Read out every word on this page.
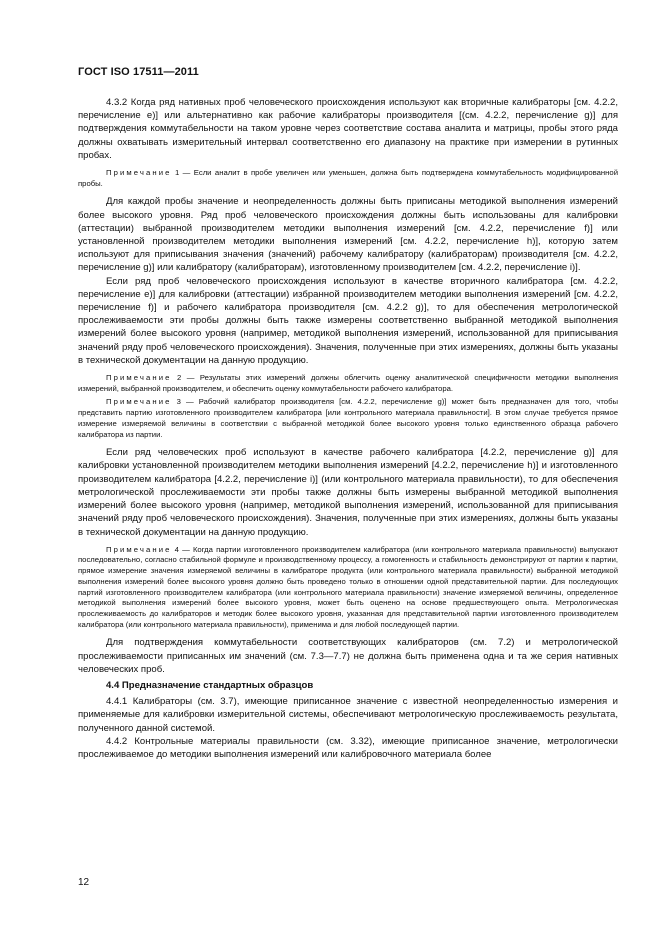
ГОСТ ISO 17511—2011

4.3.2 Когда ряд нативных проб человеческого происхождения используют как вторичные калибраторы [см. 4.2.2, перечисление е)] или альтернативно как рабочие калибраторы производителя [(см. 4.2.2, перечисление g)] для подтверждения коммутабельности на таком уровне через соответствие состава аналита и матрицы, пробы этого ряда должны охватывать измерительный интервал соответственно его диапазону на практике при измерении в рутинных пробах.

Примечание 1 — Если аналит в пробе увеличен или уменьшен, должна быть подтверждена коммутабельность модифицированной пробы.

Для каждой пробы значение и неопределенность должны быть приписаны методикой выполнения измерений более высокого уровня. Ряд проб человеческого происхождения должны быть использованы для калибровки (аттестации) выбранной производителем методики выполнения измерений [см. 4.2.2, перечисление f)] или установленной производителем методики выполнения измерений [см. 4.2.2, перечисление h)], которую затем используют для приписывания значения (значений) рабочему калибратору (калибраторам) производителя [см. 4.2.2, перечисление g)] или калибратору (калибраторам), изготовленному производителем [см. 4.2.2, перечисление i)].

Если ряд проб человеческого происхождения используют в качестве вторичного калибратора [см. 4.2.2, перечисление е)] для калибровки (аттестации) избранной производителем методики выполнения измерений [см. 4.2.2, перечисление f)] и рабочего калибратора производителя [см. 4.2.2 g)], то для обеспечения метрологической прослеживаемости эти пробы должны быть также измерены соответственно выбранной методикой выполнения измерений более высокого уровня (например, методикой выполнения измерений, использованной для приписывания значений ряду проб человеческого происхождения). Значения, полученные при этих измерениях, должны быть указаны в технической документации на данную продукцию.

Примечание 2 — Результаты этих измерений должны облегчить оценку аналитической специфичности методики выполнения измерений, выбранной производителем, и обеспечить оценку коммутабельности рабочего калибратора.

Примечание 3 — Рабочий калибратор производителя [см. 4.2.2, перечисление g)] может быть предназначен для того, чтобы представить партию изготовленного производителем калибратора [или контрольного материала правильности]. В этом случае требуется прямое измерение измеряемой величины в соответствии с выбранной методикой более высокого уровня только единственного образца рабочего калибратора из партии.

Если ряд человеческих проб используют в качестве рабочего калибратора [4.2.2, перечисление g)] для калибровки установленной производителем методики выполнения измерений [4.2.2, перечисление h)] и изготовленного производителем калибратора [4.2.2, перечисление i)] (или контрольного материала правильности), то для обеспечения метрологической прослеживаемости эти пробы также должны быть измерены выбранной методикой выполнения измерений более высокого уровня (например, методикой выполнения измерений, использованной для приписывания значений ряду проб человеческого происхождения). Значения, полученные при этих измерениях, должны быть указаны в технической документации на данную продукцию.

Примечание 4 — Когда партии изготовленного производителем калибратора (или контрольного материала правильности) выпускают последовательно, согласно стабильной формуле и производственному процессу, а гомогенность и стабильность демонстрируют от партии к партии, прямое измерение значения измеряемой величины в калибраторе продукта (или контрольного материала правильности) выбранной методикой выполнения измерений более высокого уровня должно быть проведено только в отношении одной представительной партии. Для последующих партий изготовленного производителем калибратора (или контрольного материала правильности) значение измеряемой величины, определенное методикой выполнения измерений более высокого уровня, может быть оценено на основе предшествующего опыта. Метрологическая прослеживаемость до калибраторов и методик более высокого уровня, указанная для представительной партии изготовленного производителем калибратора (или контрольного материала правильности), применима и для любой последующей партии.

Для подтверждения коммутабельности соответствующих калибраторов (см. 7.2) и метрологической прослеживаемости приписанных им значений (см. 7.3—7.7) не должна быть применена одна и та же серия нативных человеческих проб.

4.4 Предназначение стандартных образцов

4.4.1 Калибраторы (см. 3.7), имеющие приписанное значение с известной неопределенностью измерения и применяемые для калибровки измерительной системы, обеспечивают метрологическую прослеживаемость результата, полученного данной системой.

4.4.2 Контрольные материалы правильности (см. 3.32), имеющие приписанное значение, метрологически прослеживаемое до методики выполнения измерений или калибровочного материала более

12
